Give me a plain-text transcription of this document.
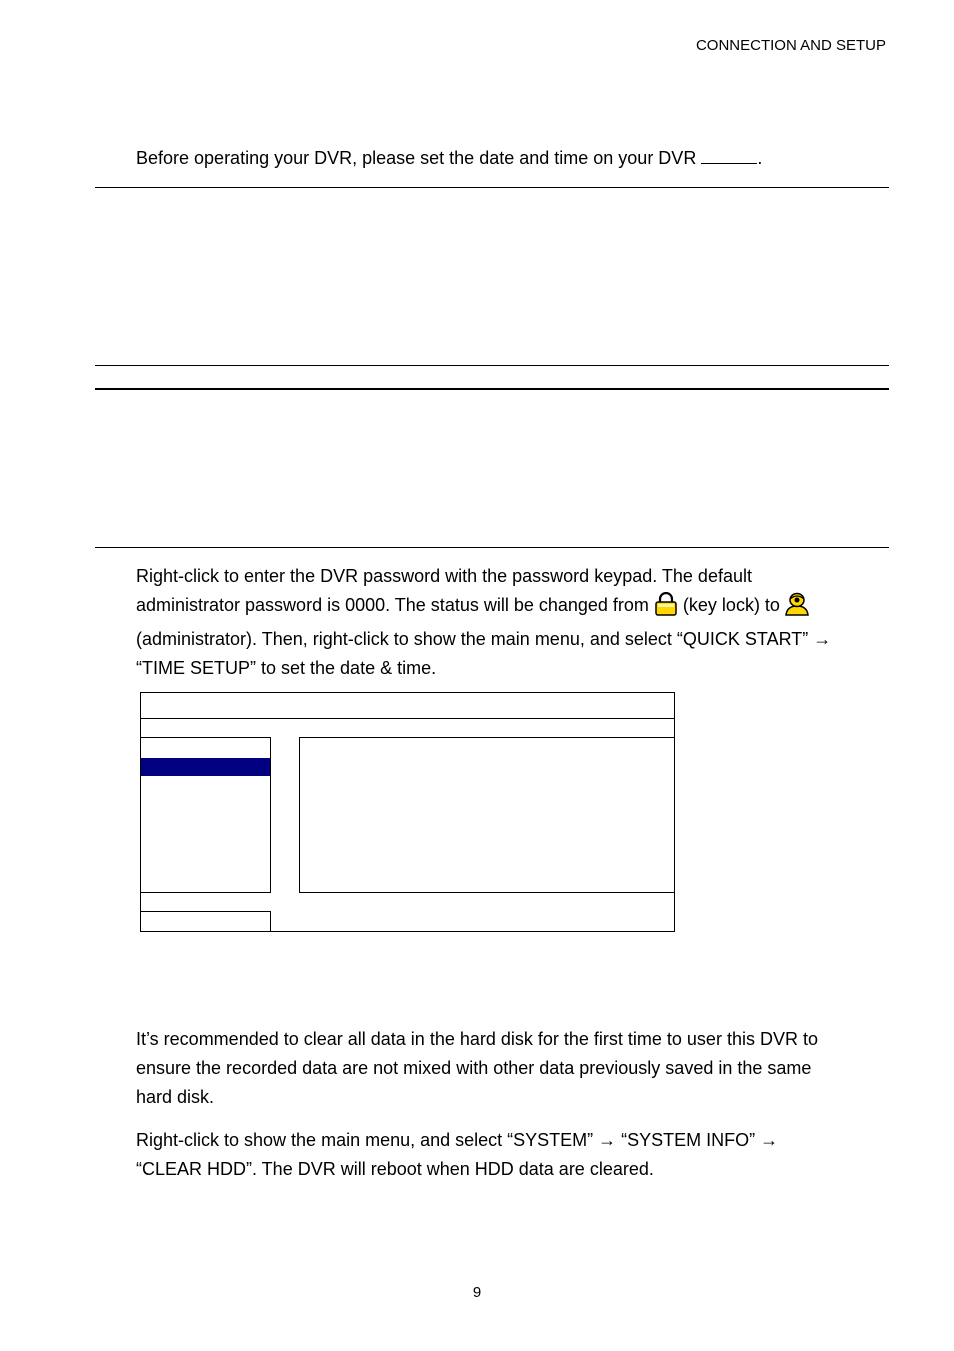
CONNECTION AND SETUP
Before operating your DVR, please set the date and time on your DVR	.
Right-click to enter the DVR password with the password keypad. The default
administrator password is 0000. The status will be changed from (key lock) to
(administrator). Then, right-click to show the main menu, and select “QUICK START” →
“TIME SETUP” to set the date & time.
It’s recommended to clear all data in the hard disk for the first time to user this DVR to
ensure the recorded data are not mixed with other data previously saved in the same
hard disk.
Right-click to show the main menu, and select “SYSTEM” → “SYSTEM INFO” →
“CLEAR HDD”. The DVR will reboot when HDD data are cleared.
9
